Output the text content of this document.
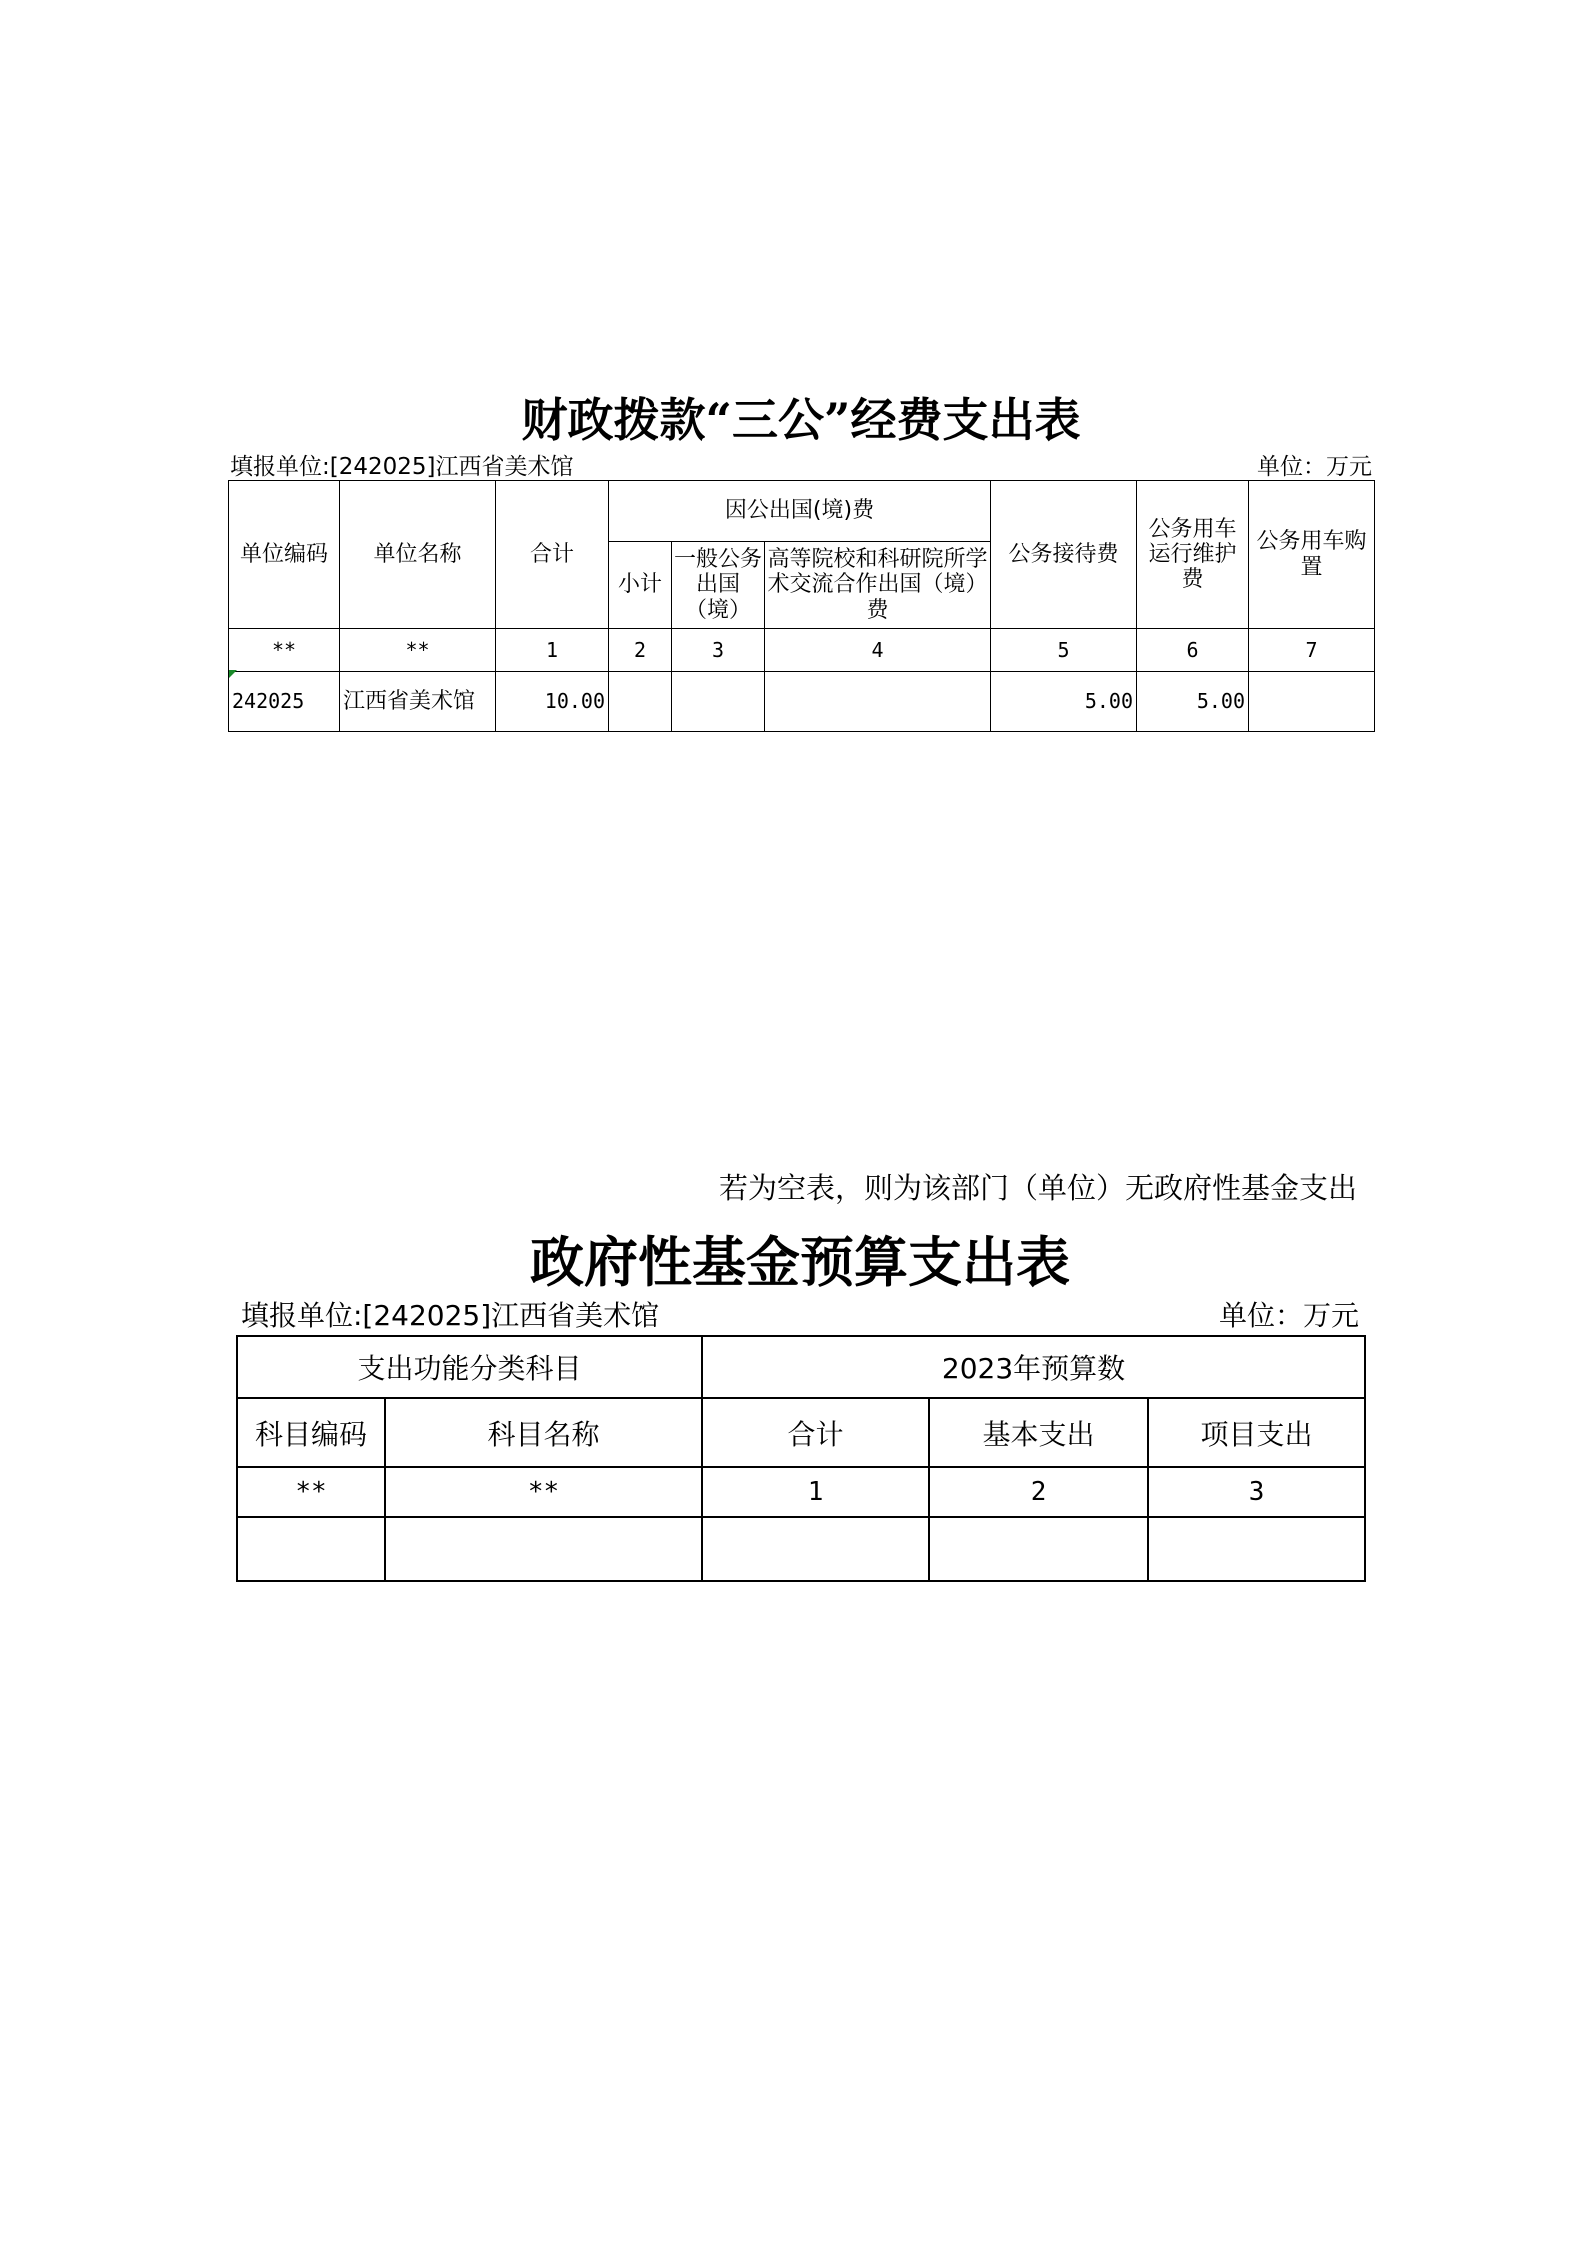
财政拨款“三公”经费支出表
填报单位:[242025]江西省美术馆	单位：万元
单位编码	单位名称	合计	因公出国(境)费			公务接待费	公务用车运行维护费	公务用车购置
			小计	一般公务出国（境）	高等院校和科研院所学术交流合作出国（境）费			
**	**	1	2	3	4	5	6	7
242025	江西省美术馆	10.00				5.00	5.00	
若为空表，则为该部门（单位）无政府性基金支出
政府性基金预算支出表
填报单位:[242025]江西省美术馆	单位：万元
支出功能分类科目		2023年预算数		
科目编码	科目名称	合计	基本支出	项目支出
**	**	1	2	3
